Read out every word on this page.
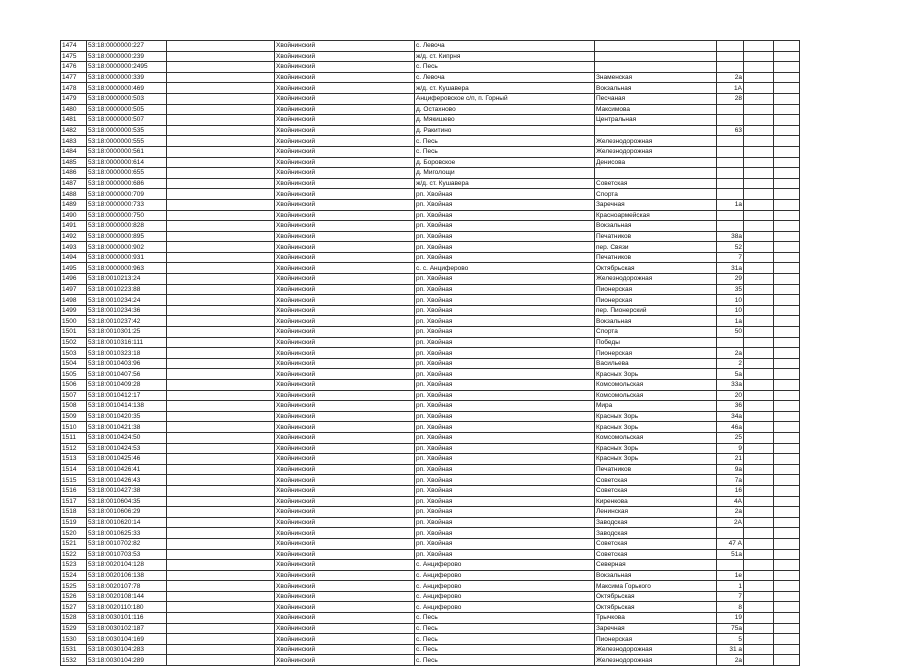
1474	53:18:0000000:227		Хвойнинский	с. Левоча				
1475	53:18:0000000:239		Хвойнинский	ж/д. ст. Кипрня				
1476	53:18:0000000:2495		Хвойнинский	с. Песь				
1477	53:18:0000000:339		Хвойнинский	с. Левоча	Знаменская	2а		
1478	53:18:0000000:469		Хвойнинский	ж/д. ст. Кушавера	Вокзальная	1А		
1479	53:18:0000000:503		Хвойнинский	Анциферовское с/п, п. Горный	Песчаная	28		
1480	53:18:0000000:505		Хвойнинский	д. Остахново	Максимова			
1481	53:18:0000000:507		Хвойнинский	д. Мякишево	Центральная			
1482	53:18:0000000:535		Хвойнинский	д. Ракитино		63		
1483	53:18:0000000:555		Хвойнинский	с. Песь	Железнодорожная			
1484	53:18:0000000:561		Хвойнинский	с. Песь	Железнодорожная			
1485	53:18:0000000:614		Хвойнинский	д. Боровское	Денисова			
1486	53:18:0000000:655		Хвойнинский	д. Миголощи				
1487	53:18:0000000:686		Хвойнинский	ж/д. ст. Кушавера	Советская			
1488	53:18:0000000:709		Хвойнинский	рп. Хвойная	Спорта			
1489	53:18:0000000:733		Хвойнинский	рп. Хвойная	Заречная	1а		
1490	53:18:0000000:750		Хвойнинский	рп. Хвойная	Красноармейская			
1491	53:18:0000000:828		Хвойнинский	рп. Хвойная	Вокзальная			
1492	53:18:0000000:895		Хвойнинский	рп. Хвойная	Печатников	38а		
1493	53:18:0000000:902		Хвойнинский	рп. Хвойная	пер. Связи	52		
1494	53:18:0000000:931		Хвойнинский	рп. Хвойная	Печатников	7		
1495	53:18:0000000:963		Хвойнинский	с. с. Анциферово	Октябрьская	31а		
1496	53:18:0010213:24		Хвойнинский	рп. Хвойная	Железнодорожная	29		
1497	53:18:0010223:88		Хвойнинский	рп. Хвойная	Пионерская	35		
1498	53:18:0010234:24		Хвойнинский	рп. Хвойная	Пионерская	10		
1499	53:18:0010234:36		Хвойнинский	рп. Хвойная	пер. Пионерский	10		
1500	53:18:0010237:42		Хвойнинский	рп. Хвойная	Вокзальная	1а		
1501	53:18:0010301:25		Хвойнинский	рп. Хвойная	Спорта	50		
1502	53:18:0010316:111		Хвойнинский	рп. Хвойная	Победы			
1503	53:18:0010323:18		Хвойнинский	рп. Хвойная	Пионерская	2а		
1504	53:18:0010403:96		Хвойнинский	рп. Хвойная	Васильева	2		
1505	53:18:0010407:56		Хвойнинский	рп. Хвойная	Красных Зорь	5а		
1506	53:18:0010409:28		Хвойнинский	рп. Хвойная	Комсомольская	33а		
1507	53:18:0010412:17		Хвойнинский	рп. Хвойная	Комсомольская	20		
1508	53:18:0010414:138		Хвойнинский	рп. Хвойная	Мира	36		
1509	53:18:0010420:35		Хвойнинский	рп. Хвойная	Красных Зорь	34а		
1510	53:18:0010421:38		Хвойнинский	рп. Хвойная	Красных Зорь	46а		
1511	53:18:0010424:50		Хвойнинский	рп. Хвойная	Комсомольская	25		
1512	53:18:0010424:53		Хвойнинский	рп. Хвойная	Красных Зорь	9		
1513	53:18:0010425:46		Хвойнинский	рп. Хвойная	Красных Зорь	21		
1514	53:18:0010426:41		Хвойнинский	рп. Хвойная	Печатников	9а		
1515	53:18:0010426:43		Хвойнинский	рп. Хвойная	Советская	7а		
1516	53:18:0010427:38		Хвойнинский	рп. Хвойная	Советская	16		
1517	53:18:0010604:35		Хвойнинский	рп. Хвойная	Киренкова	4А		
1518	53:18:0010606:29		Хвойнинский	рп. Хвойная	Ленинская	2а		
1519	53:18:0010620:14		Хвойнинский	рп. Хвойная	Заводская	2А		
1520	53:18:0010625:33		Хвойнинский	рп. Хвойная	Заводская			
1521	53:18:0010702:82		Хвойнинский	рп. Хвойная	Советская	47 А		
1522	53:18:0010703:53		Хвойнинский	рп. Хвойная	Советская	51а		
1523	53:18:0020104:128		Хвойнинский	с. Анциферово	Северная			
1524	53:18:0020106:138		Хвойнинский	с. Анциферово	Вокзальная	1е		
1525	53:18:0020107:78		Хвойнинский	с. Анциферово	Максима Горького	1		
1526	53:18:0020108:144		Хвойнинский	с. Анциферово	Октябрьская	7		
1527	53:18:0020110:180		Хвойнинский	с. Анциферово	Октябрьская	8		
1528	53:18:0030101:116		Хвойнинский	с. Песь	Трычкова	19		
1529	53:18:0030102:187		Хвойнинский	с. Песь	Заречная	75а		
1530	53:18:0030104:169		Хвойнинский	с. Песь	Пионерская	5		
1531	53:18:0030104:283		Хвойнинский	с. Песь	Железнодорожная	31 а		
1532	53:18:0030104:289		Хвойнинский	с. Песь	Железнодорожная	2а		
